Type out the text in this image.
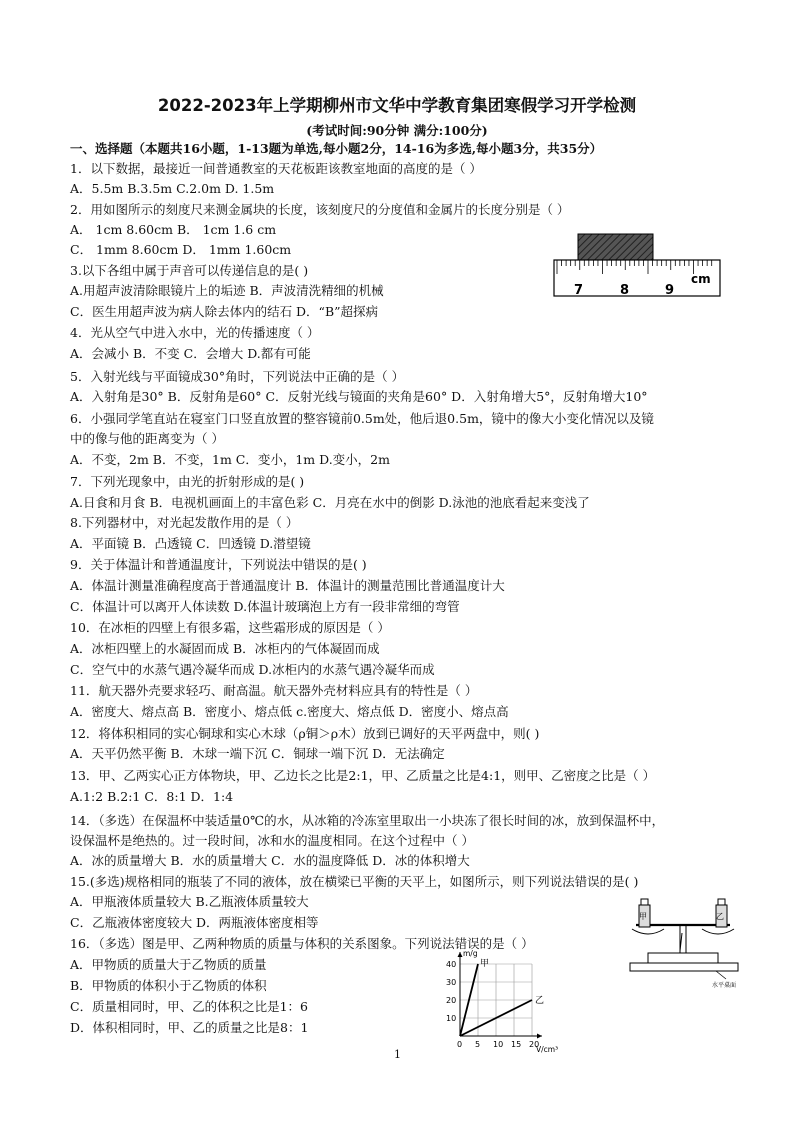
2022-2023年上学期柳州市文华中学教育集团寒假学习开学检测
(考试时间:90分钟 满分:100分)
一、选择题（本题共16小题，1-13题为单选,每小题2分，14-16为多选,每小题3分，共35分）
1．以下数据，最接近一间普通教室的天花板距该教室地面的高度的是（ ）
A．5.5m B.3.5m C.2.0m D. 1.5m
2．用如图所示的刻度尺来测金属块的长度，该刻度尺的分度值和金属片的长度分别是（ ）
A． 1cm 8.60cm B． 1cm 1.6 cm
C． 1mm 8.60cm D． 1mm 1.60cm
3.以下各组中属于声音可以传递信息的是( )
A.用超声波清除眼镜片上的垢迹 B．声波清洗精细的机械
C．医生用超声波为病人除去体内的结石 D．“B”超探病
4．光从空气中进入水中，光的传播速度（ ）
A．会减小 B．不变 C．会增大 D.都有可能
5．入射光线与平面镜成30°角时，下列说法中正确的是（ ）
A．入射角是30° B．反射角是60° C．反射光线与镜面的夹角是60° D．入射角增大5°，反射角增大10°
6．小强同学笔直站在寝室门口竖直放置的整容镜前0.5m处，他后退0.5m，镜中的像大小变化情况以及镜
中的像与他的距离变为（ ）
A．不变，2m B．不变，1m C．变小，1m D.变小，2m
7．下列光现象中，由光的折射形成的是( )
A.日食和月食 B．电视机画面上的丰富色彩 C．月亮在水中的倒影 D.泳池的池底看起来变浅了
8.下列器材中，对光起发散作用的是（ ）
A．平面镜 B．凸透镜 C．凹透镜 D.潜望镜
9．关于体温计和普通温度计，下列说法中错误的是( )
A．体温计测量准确程度高于普通温度计 B．体温计的测量范围比普通温度计大
C．体温计可以离开人体读数 D.体温计玻璃泡上方有一段非常细的弯管
10．在冰柜的四壁上有很多霜，这些霜形成的原因是（ ）
A．冰柜四壁上的水凝固而成 B．冰柜内的气体凝固而成
C．空气中的水蒸气遇冷凝华而成 D.冰柜内的水蒸气遇冷凝华而成
11．航天器外壳要求轻巧、耐高温。航天器外壳材料应具有的特性是（ ）
A．密度大、熔点高 B．密度小、熔点低 c.密度大、熔点低 D．密度小、熔点高
12．将体积相同的实心铜球和实心木球（ρ铜＞ρ木）放到已调好的天平两盘中，则( )
A．天平仍然平衡 B．木球一端下沉 C．铜球一端下沉 D．无法确定
13．甲、乙两实心正方体物块，甲、乙边长之比是2:1，甲、乙质量之比是4:1，则甲、乙密度之比是（ ）
A.1:2 B.2:1 C．8:1 D．1:4
14．（多选）在保温杯中装适量0℃的水，从冰箱的冷冻室里取出一小块冻了很长时间的冰，放到保温杯中，
设保温杯是绝热的。过一段时间，冰和水的温度相同。在这个过程中（ ）
A．冰的质量增大 B．水的质量增大 C．水的温度降低 D．冰的体积增大
15.(多选)规格相同的瓶装了不同的液体，放在横梁已平衡的天平上，如图所示，则下列说法错误的是( )
A．甲瓶液体质量较大 B.乙瓶液体质量较大
C．乙瓶液体密度较大 D．两瓶液体密度相等
16．（多选）图是甲、乙两种物质的质量与体积的关系图象。下列说法错误的是（ ）
A．甲物质的质量大于乙物质的质量
B．甲物质的体积小于乙物质的体积
C．质量相同时，甲、乙的体积之比是1：6
D．体积相同时，甲、乙的质量之比是8：1
7	8	9
cm
甲	乙
水平桌面
0 5 10 15 20
10
20
30
40
m/g
V/cm³
甲
乙
1
